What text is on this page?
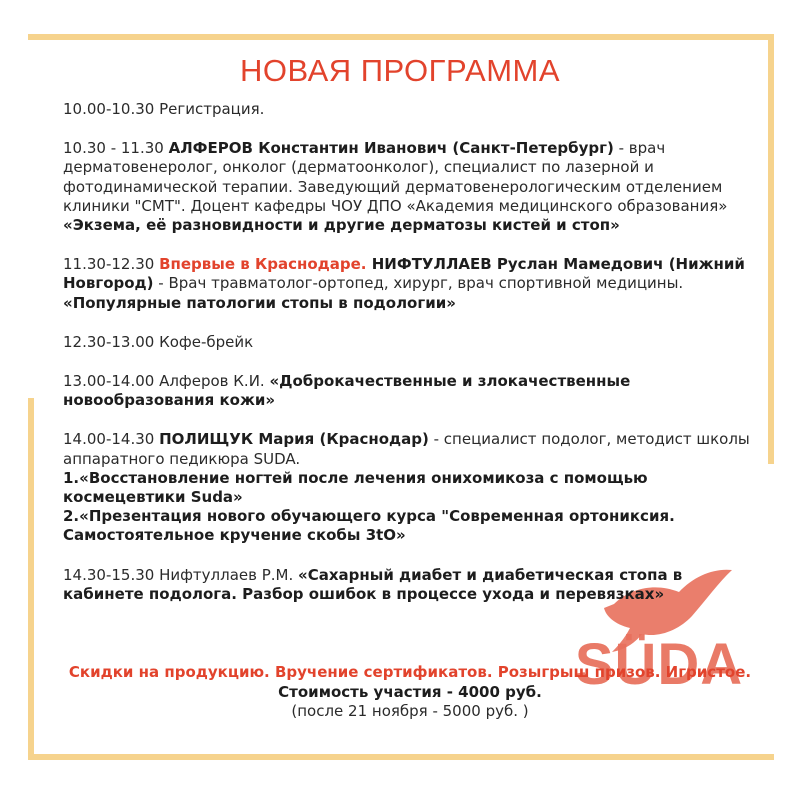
SÜDA
НОВАЯ ПРОГРАММА
10.00-10.30 Регистрация.
10.30 - 11.30 АЛФЕРОВ Константин Иванович (Санкт-Петербург) - врач дерматовенеролог, онколог (дерматоонколог), специалист по лазерной и фотодинамической терапии. Заведующий дерматовенерологическим отделением клиники "СМТ". Доцент кафедры ЧОУ ДПО «Академия медицинского образования»
«Экзема, её разновидности и другие дерматозы кистей и стоп»
11.30-12.30 Впервые в Краснодаре. НИФТУЛЛАЕВ Руслан Мамедович (Нижний Новгород) - Врач травматолог-ортопед, хирург, врач спортивной медицины.
«Популярные патологии стопы в подологии»
12.30-13.00 Кофе-брейк
13.00-14.00 Алферов К.И. «Доброкачественные и злокачественные новообразования кожи»
14.00-14.30 ПОЛИЩУК Мария (Краснодар) - специалист подолог, методист школы аппаратного педикюра SUDA.
1.«Восстановление ногтей после лечения онихомикоза с помощью космецевтики Suda»
2.«Презентация нового обучающего курса "Современная ортониксия. Самостоятельное кручение скобы 3tO»
14.30-15.30 Нифтуллаев Р.М. «Сахарный диабет и диабетическая стопа в кабинете подолога. Разбор ошибок в процессе ухода и перевязках»
Скидки на продукцию. Вручение сертификатов. Розыгрыш призов. Игристое.
Стоимость участия - 4000 руб.
(после 21 ноября - 5000 руб. )
